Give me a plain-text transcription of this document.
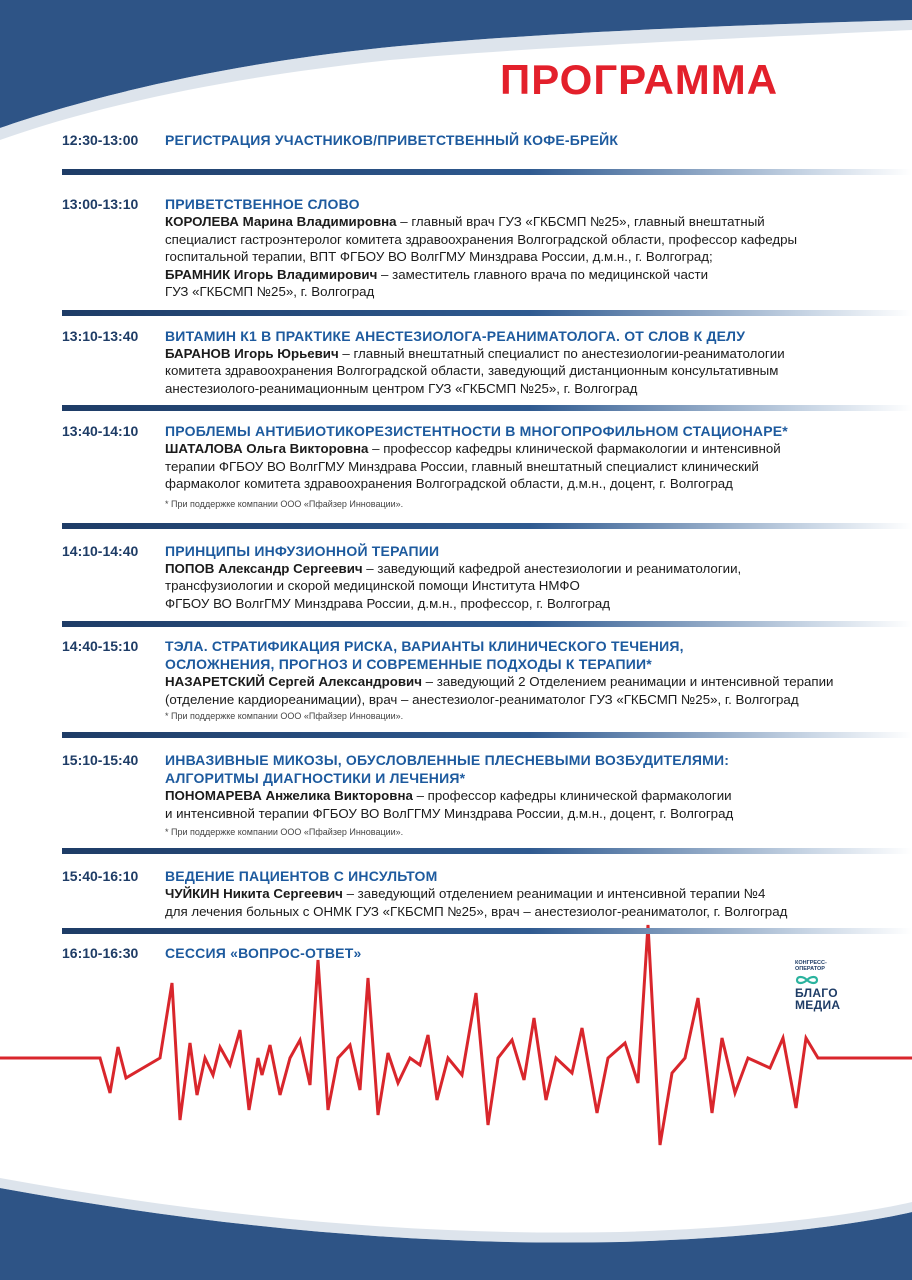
ПРОГРАММА
12:30-13:00	РЕГИСТРАЦИЯ УЧАСТНИКОВ/ПРИВЕТСТВЕННЫЙ КОФЕ-БРЕЙК
13:00-13:10	ПРИВЕТСТВЕННОЕ СЛОВО
КОРОЛЕВА Марина Владимировна – главный врач ГУЗ «ГКБСМП №25», главный внештатный
специалист гастроэнтеролог комитета здравоохранения Волгоградской области, профессор кафедры
госпитальной терапии, ВПТ ФГБОУ ВО ВолгГМУ Минздрава России, д.м.н., г. Волгоград;
БРАМНИК Игорь Владимирович – заместитель главного врача по медицинской части
ГУЗ «ГКБСМП №25», г. Волгоград
13:10-13:40	ВИТАМИН К1 В ПРАКТИКЕ АНЕСТЕЗИОЛОГА-РЕАНИМАТОЛОГА. ОТ СЛОВ К ДЕЛУ
БАРАНОВ Игорь Юрьевич – главный внештатный специалист по анестезиологии-реаниматологии
комитета здравоохранения Волгоградской области, заведующий дистанционным консультативным
анестезиолого-реанимационным центром ГУЗ «ГКБСМП №25», г. Волгоград
13:40-14:10	ПРОБЛЕМЫ АНТИБИОТИКОРЕЗИСТЕНТНОСТИ В МНОГОПРОФИЛЬНОМ СТАЦИОНАРЕ*
ШАТАЛОВА Ольга Викторовна – профессор кафедры клинической фармакологии и интенсивной
терапии ФГБОУ ВО ВолгГМУ Минздрава России, главный внештатный специалист клинический
фармаколог комитета здравоохранения Волгоградской области, д.м.н., доцент, г. Волгоград
* При поддержке компании ООО «Пфайзер Инновации».
14:10-14:40	ПРИНЦИПЫ ИНФУЗИОННОЙ ТЕРАПИИ
ПОПОВ Александр Сергеевич – заведующий кафедрой анестезиологии и реаниматологии,
трансфузиологии и скорой медицинской помощи Института НМФО
ФГБОУ ВО ВолгГМУ Минздрава России, д.м.н., профессор, г. Волгоград
14:40-15:10	ТЭЛА. СТРАТИФИКАЦИЯ РИСКА, ВАРИАНТЫ КЛИНИЧЕСКОГО ТЕЧЕНИЯ,
ОСЛОЖНЕНИЯ, ПРОГНОЗ И СОВРЕМЕННЫЕ ПОДХОДЫ К ТЕРАПИИ*
НАЗАРЕТСКИЙ Сергей Александрович – заведующий 2 Отделением реанимации и интенсивной терапии
(отделение кардиореанимации), врач – анестезиолог-реаниматолог ГУЗ «ГКБСМП №25», г. Волгоград
* При поддержке компании ООО «Пфайзер Инновации».
15:10-15:40	ИНВАЗИВНЫЕ МИКОЗЫ, ОБУСЛОВЛЕННЫЕ ПЛЕСНЕВЫМИ ВОЗБУДИТЕЛЯМИ:
АЛГОРИТМЫ ДИАГНОСТИКИ И ЛЕЧЕНИЯ*
ПОНОМАРЕВА Анжелика Викторовна – профессор кафедры клинической фармакологии
и интенсивной терапии ФГБОУ ВО ВолГГМУ Минздрава России, д.м.н., доцент, г. Волгоград
* При поддержке компании ООО «Пфайзер Инновации».
15:40-16:10	ВЕДЕНИЕ ПАЦИЕНТОВ С ИНСУЛЬТОМ
ЧУЙКИН Никита Сергеевич – заведующий отделением реанимации и интенсивной терапии №4
для лечения больных с ОНМК ГУЗ «ГКБСМП №25», врач – анестезиолог-реаниматолог, г. Волгоград
16:10-16:30	СЕССИЯ «ВОПРОС-ОТВЕТ»
КОНГРЕСС-
ОПЕРАТОР
БЛАГО
МЕДИА
